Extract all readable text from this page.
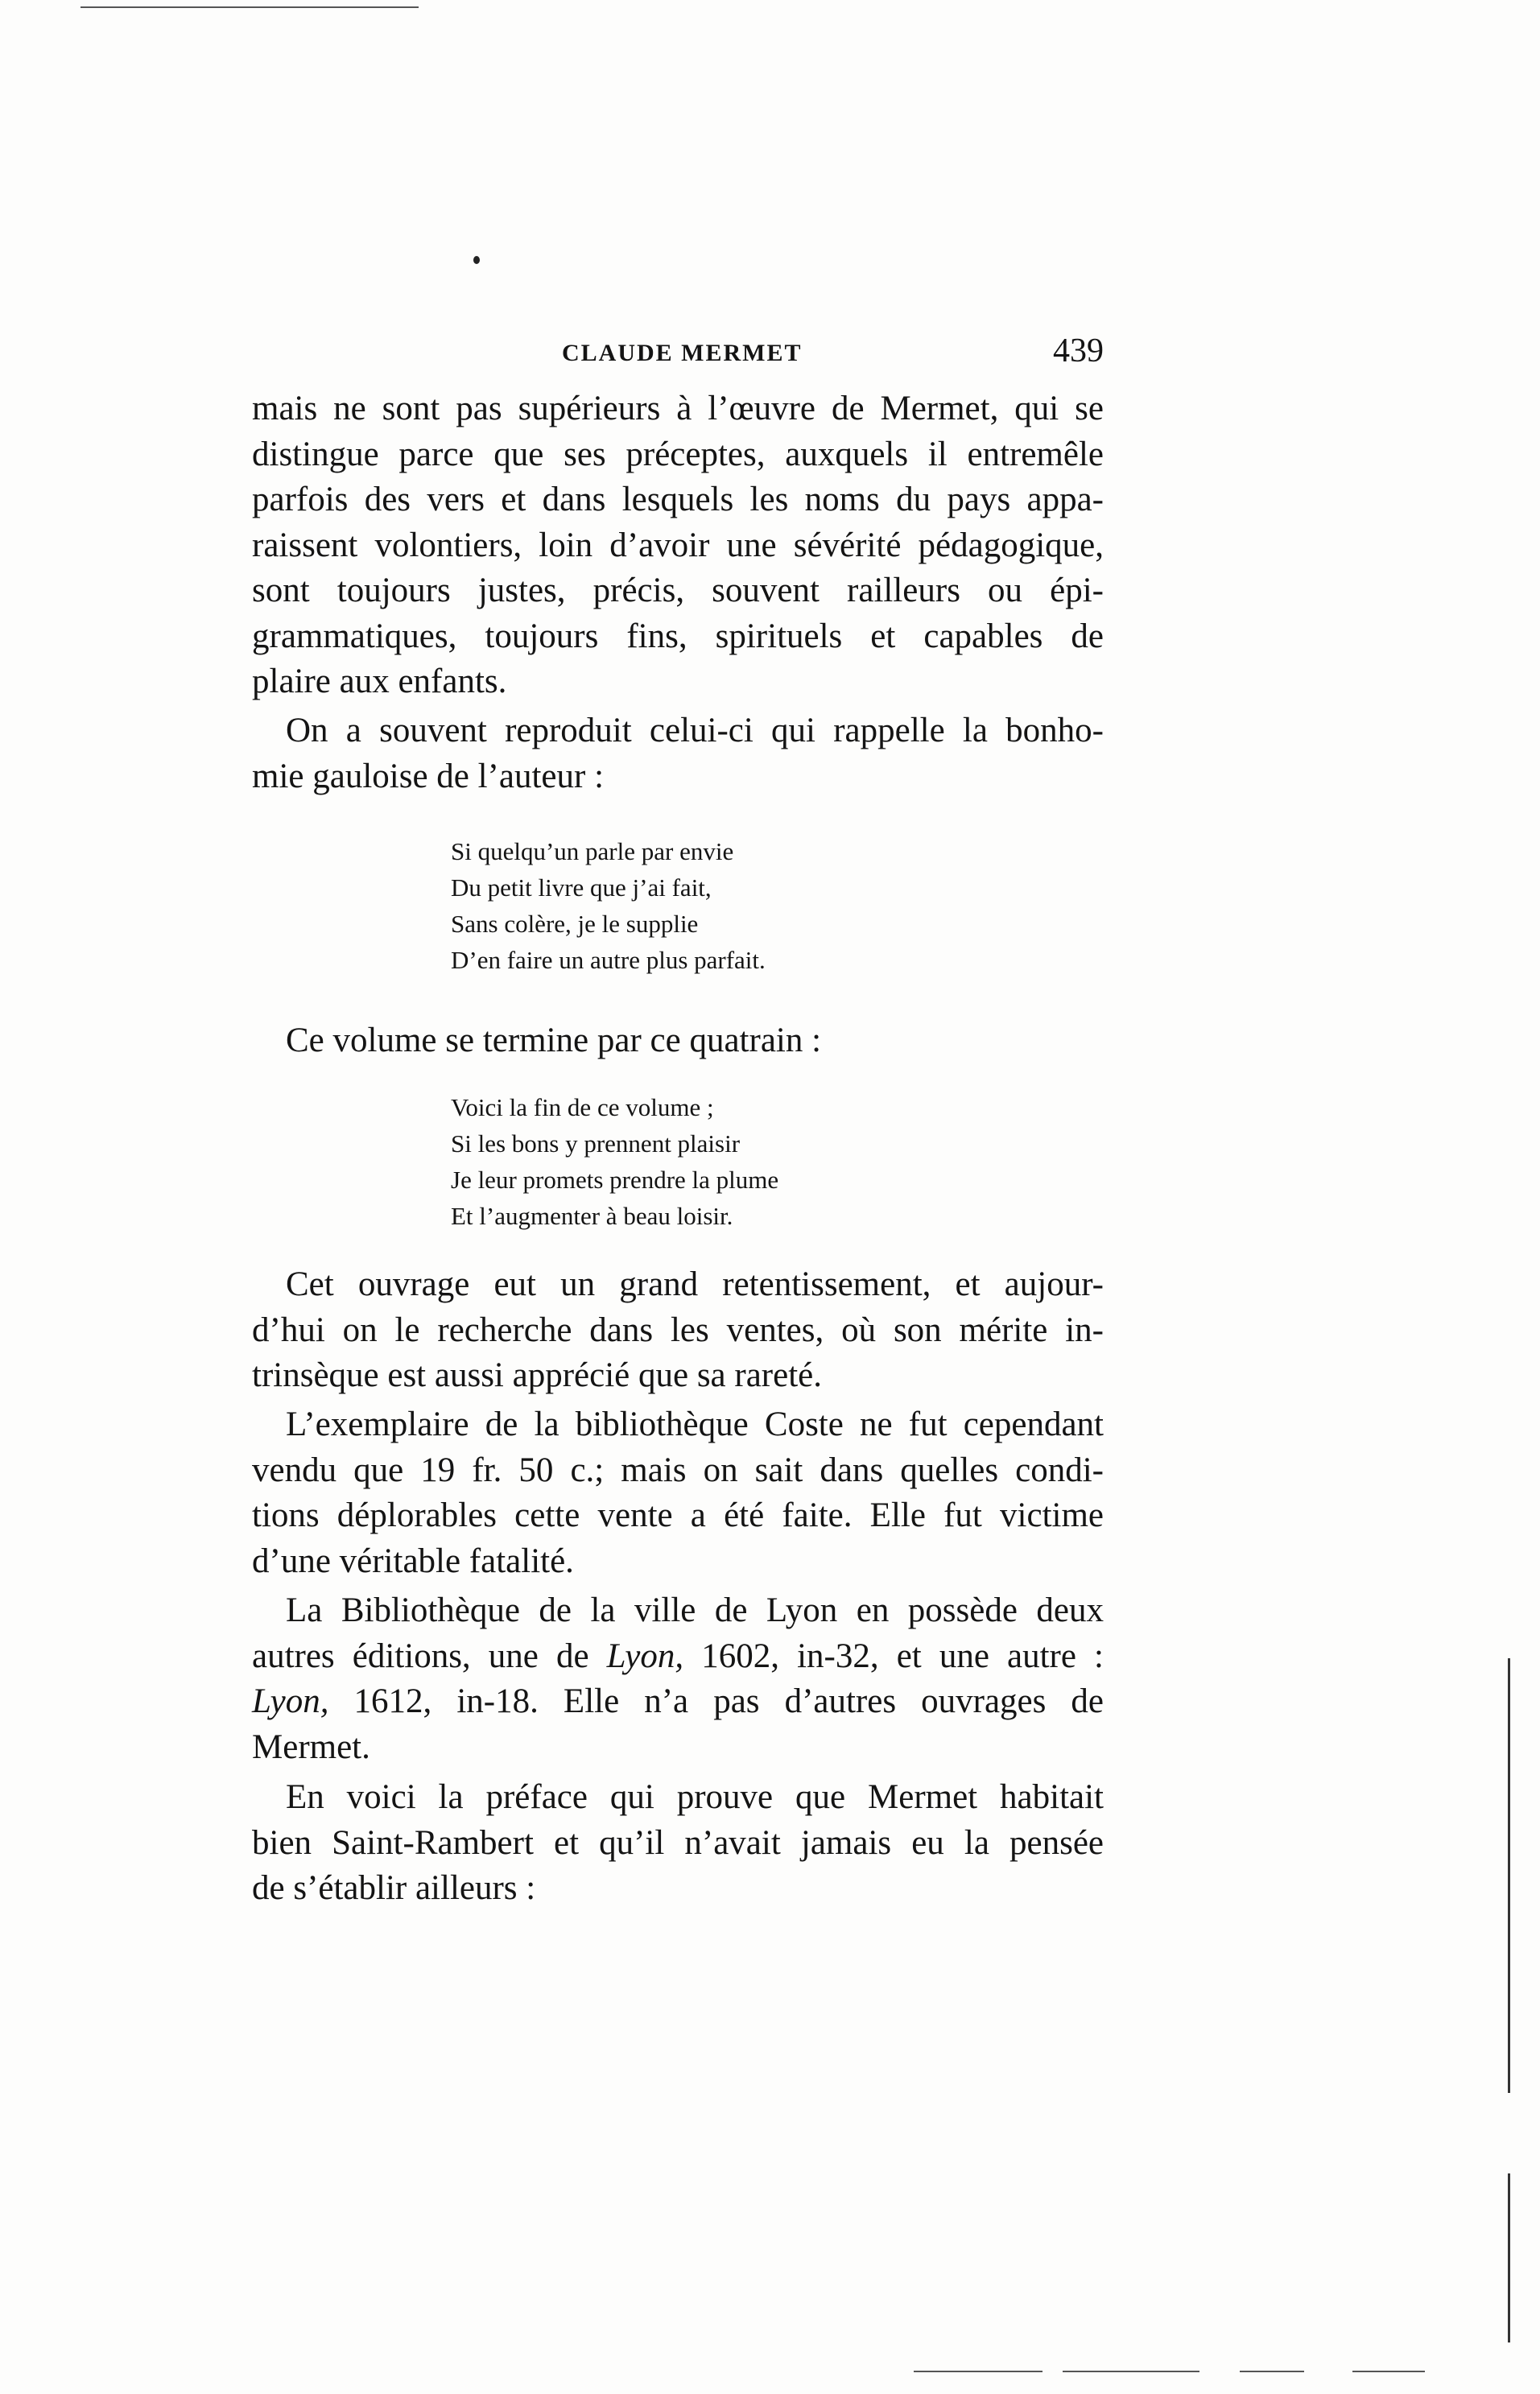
CLAUDE MERMET	439
mais ne sont pas supérieurs à l’œuvre de Mermet, qui se
distingue parce que ses préceptes, auxquels il entremêle
parfois des vers et dans lesquels les noms du pays appa-
raissent volontiers, loin d’avoir une sévérité pédagogique,
sont toujours justes, précis, souvent railleurs ou épi-
grammatiques, toujours fins, spirituels et capables de
plaire aux enfants.
On a souvent reproduit celui-ci qui rappelle la bonho-
mie gauloise de l’auteur :
Si quelqu’un parle par envie
Du petit livre que j’ai fait,
Sans colère, je le supplie
D’en faire un autre plus parfait.
Ce volume se termine par ce quatrain :
Voici la fin de ce volume ;
Si les bons y prennent plaisir
Je leur promets prendre la plume
Et l’augmenter à beau loisir.
Cet ouvrage eut un grand retentissement, et aujour-
d’hui on le recherche dans les ventes, où son mérite in-
trinsèque est aussi apprécié que sa rareté.
L’exemplaire de la bibliothèque Coste ne fut cependant
vendu que 19 fr. 50 c.; mais on sait dans quelles condi-
tions déplorables cette vente a été faite. Elle fut victime
d’une véritable fatalité.
La Bibliothèque de la ville de Lyon en possède deux
autres éditions, une de Lyon, 1602, in-32, et une autre :
Lyon, 1612, in-18. Elle n’a pas d’autres ouvrages de
Mermet.
En voici la préface qui prouve que Mermet habitait
bien Saint-Rambert et qu’il n’avait jamais eu la pensée
de s’établir ailleurs :
